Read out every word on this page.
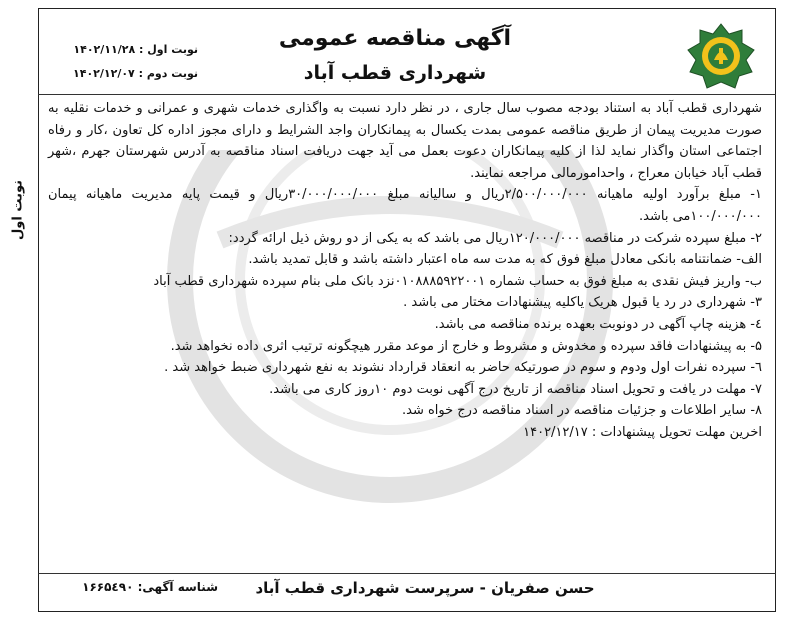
آگهی مناقصه عمومی
شهرداری قطب آباد
نوبت اول : ۱۴۰۲/۱۱/۲۸
نوبت دوم : ۱۴۰۲/۱۲/۰۷
نوبت اول

شهرداری قطب آباد به استناد بودجه مصوب سال جاری ، در نظر دارد نسبت به واگذاری خدمات شهری و عمرانی و خدمات نقلیه به صورت مدیریت پیمان از طریق مناقصه عمومی بمدت یکسال به پیمانکاران واجد الشرایط و دارای مجوز اداره کل تعاون ،کار و رفاه اجتماعی استان واگذار نماید لذا از کلیه پیمانکاران دعوت بعمل می آید جهت دریافت اسناد مناقصه به آدرس شهرستان جهرم ،شهر قطب آباد خیابان معراج ، واحدامورمالی مراجعه نمایند.

۱- مبلغ برآورد اولیه ماهیانه ۲/۵۰۰/۰۰۰/۰۰۰ریال و سالیانه مبلغ ۳۰/۰۰۰/۰۰۰/۰۰۰ریال و قیمت پایه مدیریت ماهیانه پیمان ۱۰۰/۰۰۰/۰۰۰می باشد.

۲- مبلغ سپرده شرکت در مناقصه ۱۲۰/۰۰۰/۰۰۰ریال می باشد که به یکی از دو روش ذیل ارائه گردد:

الف- ضمانتنامه بانکی معادل مبلغ فوق که به مدت سه ماه اعتبار داشته باشد و قابل تمدید باشد.

ب- واریز فیش نقدی به مبلغ فوق به حساب شماره ۰۱۰۸۸۸۵۹۲۲۰۰۱نزد بانک ملی بنام سپرده شهرداری قطب آباد

۳- شهرداری در رد یا قبول هریک یاکلیه پیشنهادات مختار می باشد .

٤- هزینه چاپ آگهی در دونوبت بعهده برنده مناقصه می باشد.

۵- به پیشنهادات فاقد سپرده و مخدوش و مشروط و خارج از موعد مقرر هیچگونه ترتیب اثری داده نخواهد شد.

٦- سپرده نفرات اول ودوم و سوم در صورتیکه حاضر به انعقاد قرارداد نشوند به نفع شهرداری ضبط خواهد شد .

۷- مهلت در یافت و تحویل اسناد مناقصه از تاریخ درج آگهی نوبت دوم ۱۰روز کاری می باشد.

۸- سایر اطلاعات و جزئیات مناقصه در اسناد مناقصه درج خواه شد.

اخرین مهلت تحویل پیشنهادات : ۱۴۰۲/۱۲/۱۷

حسن صفریان - سرپرست شهرداری قطب آباد
شناسه آگهی: ۱۶۶۵٤۹۰
